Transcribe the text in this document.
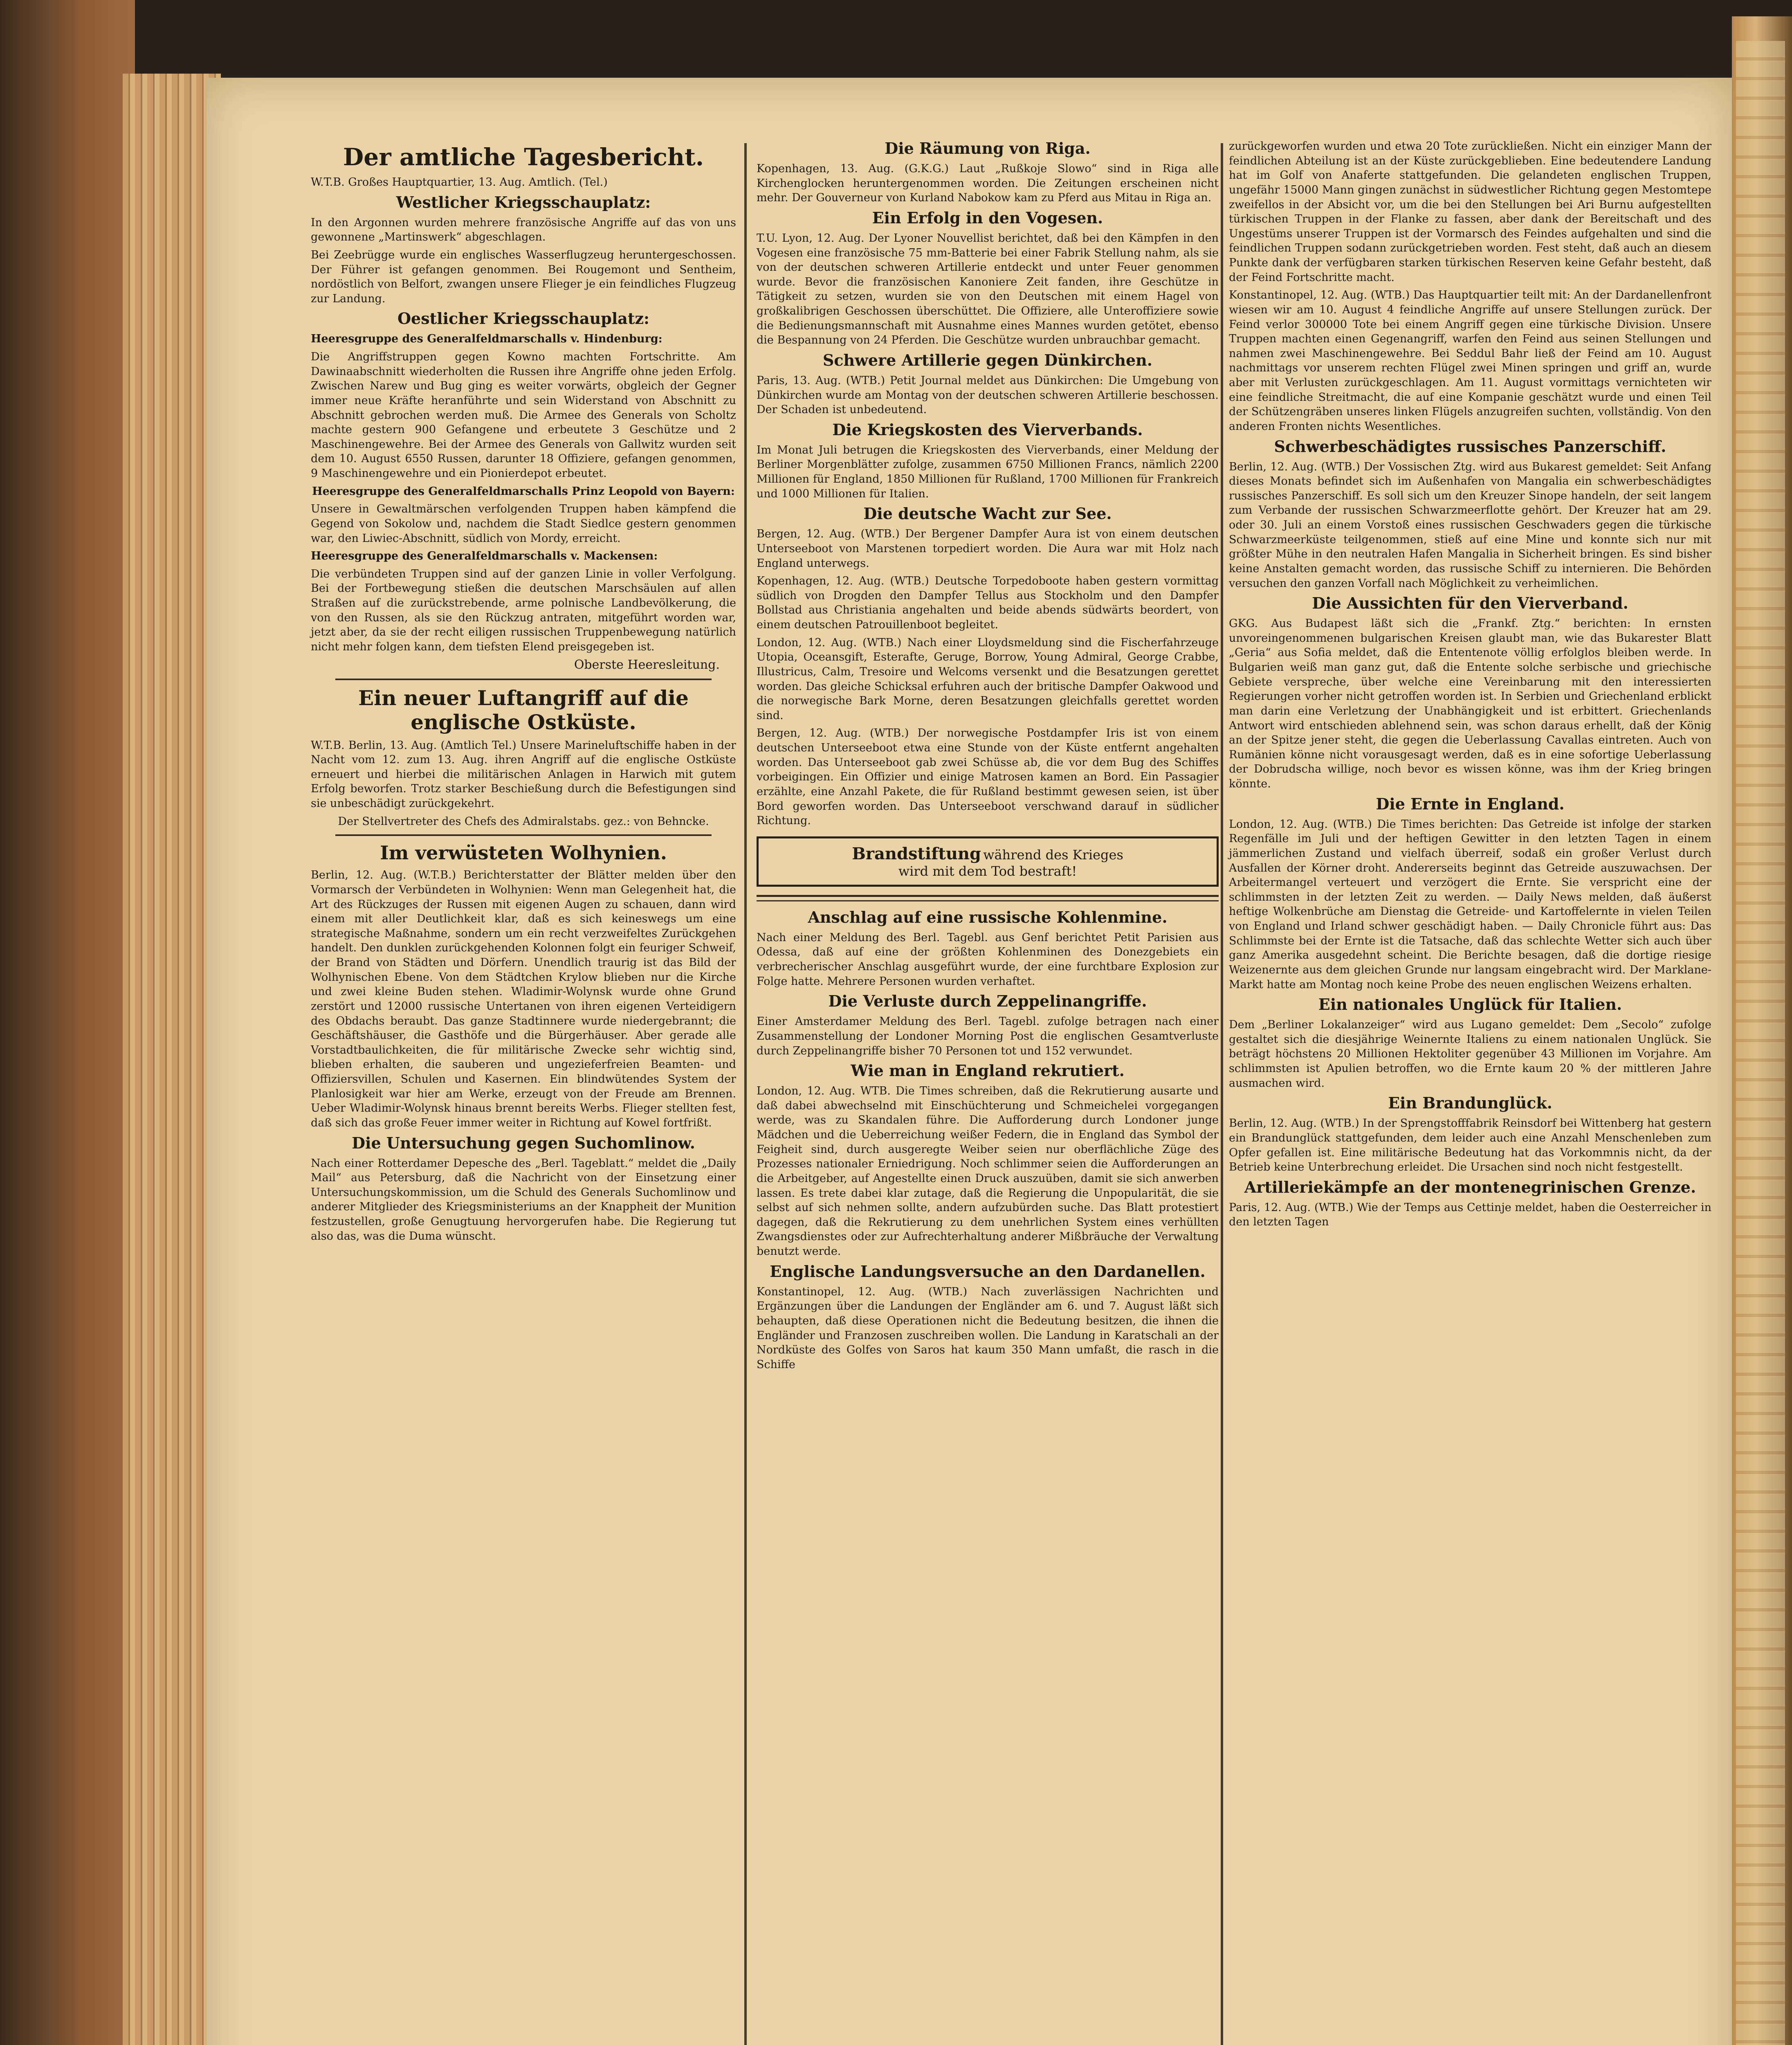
Der amtliche Tagesbericht.

W.T.B. Großes Hauptquartier, 13. Aug. Amtlich. (Tel.)

Westlicher Kriegsschauplatz:

In den Argonnen wurden mehrere französische Angriffe auf das von uns gewonnene „Martinswerk“ abgeschlagen.

Bei Zeebrügge wurde ein englisches Wasserflugzeug heruntergeschossen. Der Führer ist gefangen genommen. Bei Rougemont und Sentheim, nordöstlich von Belfort, zwangen unsere Flieger je ein feindliches Flugzeug zur Landung.

Oestlicher Kriegsschauplatz:

Heeresgruppe des Generalfeldmarschalls v. Hindenburg:

Die Angriffstruppen gegen Kowno machten Fortschritte. Am Dawinaabschnitt wiederholten die Russen ihre Angriffe ohne jeden Erfolg. Zwischen Narew und Bug ging es weiter vorwärts, obgleich der Gegner immer neue Kräfte heranführte und sein Widerstand von Abschnitt zu Abschnitt gebrochen werden muß. Die Armee des Generals von Scholtz machte gestern 900 Gefangene und erbeutete 3 Geschütze und 2 Maschinengewehre. Bei der Armee des Generals von Gallwitz wurden seit dem 10. August 6550 Russen, darunter 18 Offiziere, gefangen genommen, 9 Maschinengewehre und ein Pionierdepot erbeutet.

Heeresgruppe des Generalfeldmarschalls Prinz Leopold von Bayern:

Unsere in Gewaltmärschen verfolgenden Truppen haben kämpfend die Gegend von Sokolow und, nachdem die Stadt Siedlce gestern genommen war, den Liwiec-Abschnitt, südlich von Mordy, erreicht.

Heeresgruppe des Generalfeldmarschalls v. Mackensen:

Die verbündeten Truppen sind auf der ganzen Linie in voller Verfolgung. Bei der Fortbewegung stießen die deutschen Marschsäulen auf allen Straßen auf die zurückstrebende, arme polnische Landbevölkerung, die von den Russen, als sie den Rückzug antraten, mitgeführt worden war, jetzt aber, da sie der recht eiligen russischen Truppenbewegung natürlich nicht mehr folgen kann, dem tiefsten Elend preisgegeben ist.

Oberste Heeresleitung.

Ein neuer Luftangriff auf die englische Ostküste.

W.T.B. Berlin, 13. Aug. (Amtlich Tel.) Unsere Marineluftschiffe haben in der Nacht vom 12. zum 13. Aug. ihren Angriff auf die englische Ostküste erneuert und hierbei die militärischen Anlagen in Harwich mit gutem Erfolg beworfen. Trotz starker Beschießung durch die Befestigungen sind sie unbeschädigt zurückgekehrt.

Der Stellvertreter des Chefs des Admiralstabs. gez.: von Behncke.

Im verwüsteten Wolhynien.

Berlin, 12. Aug. (W.T.B.) Berichterstatter der Blätter melden über den Vormarsch der Verbündeten in Wolhynien: Wenn man Gelegenheit hat, die Art des Rückzuges der Russen mit eigenen Augen zu schauen, dann wird einem mit aller Deutlichkeit klar, daß es sich keineswegs um eine strategische Maßnahme, sondern um ein recht verzweifeltes Zurückgehen handelt. Den dunklen zurückgehenden Kolonnen folgt ein feuriger Schweif, der Brand von Städten und Dörfern. Unendlich traurig ist das Bild der Wolhynischen Ebene. Von dem Städtchen Krylow blieben nur die Kirche und zwei kleine Buden stehen. Wladimir-Wolynsk wurde ohne Grund zerstört und 12000 russische Untertanen von ihren eigenen Verteidigern des Obdachs beraubt. Das ganze Stadtinnere wurde niedergebrannt; die Geschäftshäuser, die Gasthöfe und die Bürgerhäuser. Aber gerade alle Vorstadtbaulichkeiten, die für militärische Zwecke sehr wichtig sind, blieben erhalten, die sauberen und ungezieferfreien Beamten- und Offiziersvillen, Schulen und Kasernen. Ein blindwütendes System der Planlosigkeit war hier am Werke, erzeugt von der Freude am Brennen. Ueber Wladimir-Wolynsk hinaus brennt bereits Werbs. Flieger stellten fest, daß sich das große Feuer immer weiter in Richtung auf Kowel fortfrißt.

Die Untersuchung gegen Suchomlinow.

Nach einer Rotterdamer Depesche des „Berl. Tageblatt.“ meldet die „Daily Mail“ aus Petersburg, daß die Nachricht von der Einsetzung einer Untersuchungskommission, um die Schuld des Generals Suchomlinow und anderer Mitglieder des Kriegsministeriums an der Knappheit der Munition festzustellen, große Genugtuung hervorgerufen habe. Die Regierung tut also das, was die Duma wünscht.

Die Räumung von Riga.

Kopenhagen, 13. Aug. (G.K.G.) Laut „Rußkoje Slowo“ sind in Riga alle Kirchenglocken heruntergenommen worden. Die Zeitungen erscheinen nicht mehr. Der Gouverneur von Kurland Nabokow kam zu Pferd aus Mitau in Riga an.

Ein Erfolg in den Vogesen.

T.U. Lyon, 12. Aug. Der Lyoner Nouvellist berichtet, daß bei den Kämpfen in den Vogesen eine französische 75 mm-Batterie bei einer Fabrik Stellung nahm, als sie von der deutschen schweren Artillerie entdeckt und unter Feuer genommen wurde. Bevor die französischen Kanoniere Zeit fanden, ihre Geschütze in Tätigkeit zu setzen, wurden sie von den Deutschen mit einem Hagel von großkalibrigen Geschossen überschüttet. Die Offiziere, alle Unteroffiziere sowie die Bedienungsmannschaft mit Ausnahme eines Mannes wurden getötet, ebenso die Bespannung von 24 Pferden. Die Geschütze wurden unbrauchbar gemacht.

Schwere Artillerie gegen Dünkirchen.

Paris, 13. Aug. (WTB.) Petit Journal meldet aus Dünkirchen: Die Umgebung von Dünkirchen wurde am Montag von der deutschen schweren Artillerie beschossen. Der Schaden ist unbedeutend.

Die Kriegskosten des Vierverbands.

Im Monat Juli betrugen die Kriegskosten des Vierverbands, einer Meldung der Berliner Morgenblätter zufolge, zusammen 6750 Millionen Francs, nämlich 2200 Millionen für England, 1850 Millionen für Rußland, 1700 Millionen für Frankreich und 1000 Millionen für Italien.

Die deutsche Wacht zur See.

Bergen, 12. Aug. (WTB.) Der Bergener Dampfer Aura ist von einem deutschen Unterseeboot von Marstenen torpediert worden. Die Aura war mit Holz nach England unterwegs.

Kopenhagen, 12. Aug. (WTB.) Deutsche Torpedoboote haben gestern vormittag südlich von Drogden den Dampfer Tellus aus Stockholm und den Dampfer Bollstad aus Christiania angehalten und beide abends südwärts beordert, von einem deutschen Patrouillenboot begleitet.

London, 12. Aug. (WTB.) Nach einer Lloydsmeldung sind die Fischerfahrzeuge Utopia, Oceansgift, Esterafte, Geruge, Borrow, Young Admiral, George Crabbe, Illustricus, Calm, Tresoire und Welcoms versenkt und die Besatzungen gerettet worden. Das gleiche Schicksal erfuhren auch der britische Dampfer Oakwood und die norwegische Bark Morne, deren Besatzungen gleichfalls gerettet worden sind.

Bergen, 12. Aug. (WTB.) Der norwegische Postdampfer Iris ist von einem deutschen Unterseeboot etwa eine Stunde von der Küste entfernt angehalten worden. Das Unterseeboot gab zwei Schüsse ab, die vor dem Bug des Schiffes vorbeigingen. Ein Offizier und einige Matrosen kamen an Bord. Ein Passagier erzählte, eine Anzahl Pakete, die für Rußland bestimmt gewesen seien, ist über Bord geworfen worden. Das Unterseeboot verschwand darauf in südlicher Richtung.

Brandstiftung während des Krieges
wird mit dem Tod bestraft!
Anschlag auf eine russische Kohlenmine.

Nach einer Meldung des Berl. Tagebl. aus Genf berichtet Petit Parisien aus Odessa, daß auf eine der größten Kohlenminen des Donezgebiets ein verbrecherischer Anschlag ausgeführt wurde, der eine furchtbare Explosion zur Folge hatte. Mehrere Personen wurden verhaftet.

Die Verluste durch Zeppelinangriffe.

Einer Amsterdamer Meldung des Berl. Tagebl. zufolge betragen nach einer Zusammenstellung der Londoner Morning Post die englischen Gesamtverluste durch Zeppelinangriffe bisher 70 Personen tot und 152 verwundet.

Wie man in England rekrutiert.

London, 12. Aug. WTB. Die Times schreiben, daß die Rekrutierung ausarte und daß dabei abwechselnd mit Einschüchterung und Schmeichelei vorgegangen werde, was zu Skandalen führe. Die Aufforderung durch Londoner junge Mädchen und die Ueberreichung weißer Federn, die in England das Symbol der Feigheit sind, durch ausgeregte Weiber seien nur oberflächliche Züge des Prozesses nationaler Erniedrigung. Noch schlimmer seien die Aufforderungen an die Arbeitgeber, auf Angestellte einen Druck auszuüben, damit sie sich anwerben lassen. Es trete dabei klar zutage, daß die Regierung die Unpopularität, die sie selbst auf sich nehmen sollte, andern aufzubürden suche. Das Blatt protestiert dagegen, daß die Rekrutierung zu dem unehrlichen System eines verhüllten Zwangsdienstes oder zur Aufrechterhaltung anderer Mißbräuche der Verwaltung benutzt werde.

Englische Landungsversuche an den Dardanellen.

Konstantinopel, 12. Aug. (WTB.) Nach zuverlässigen Nachrichten und Ergänzungen über die Landungen der Engländer am 6. und 7. August läßt sich behaupten, daß diese Operationen nicht die Bedeutung besitzen, die ihnen die Engländer und Franzosen zuschreiben wollen. Die Landung in Karatschali an der Nordküste des Golfes von Saros hat kaum 350 Mann umfaßt, die rasch in die Schiffe

zurückgeworfen wurden und etwa 20 Tote zurückließen. Nicht ein einziger Mann der feindlichen Abteilung ist an der Küste zurückgeblieben. Eine bedeutendere Landung hat im Golf von Anaferte stattgefunden. Die gelandeten englischen Truppen, ungefähr 15000 Mann gingen zunächst in südwestlicher Richtung gegen Mestomtepe zweifellos in der Absicht vor, um die bei den Stellungen bei Ari Burnu aufgestellten türkischen Truppen in der Flanke zu fassen, aber dank der Bereitschaft und des Ungestüms unserer Truppen ist der Vormarsch des Feindes aufgehalten und sind die feindlichen Truppen sodann zurückgetrieben worden. Fest steht, daß auch an diesem Punkte dank der verfügbaren starken türkischen Reserven keine Gefahr besteht, daß der Feind Fortschritte macht.

Konstantinopel, 12. Aug. (WTB.) Das Hauptquartier teilt mit: An der Dardanellenfront wiesen wir am 10. August 4 feindliche Angriffe auf unsere Stellungen zurück. Der Feind verlor 300000 Tote bei einem Angriff gegen eine türkische Division. Unsere Truppen machten einen Gegenangriff, warfen den Feind aus seinen Stellungen und nahmen zwei Maschinengewehre. Bei Seddul Bahr ließ der Feind am 10. August nachmittags vor unserem rechten Flügel zwei Minen springen und griff an, wurde aber mit Verlusten zurückgeschlagen. Am 11. August vormittags vernichteten wir eine feindliche Streitmacht, die auf eine Kompanie geschätzt wurde und einen Teil der Schützengräben unseres linken Flügels anzugreifen suchten, vollständig. Von den anderen Fronten nichts Wesentliches.

Schwerbeschädigtes russisches Panzerschiff.

Berlin, 12. Aug. (WTB.) Der Vossischen Ztg. wird aus Bukarest gemeldet: Seit Anfang dieses Monats befindet sich im Außenhafen von Mangalia ein schwerbeschädigtes russisches Panzerschiff. Es soll sich um den Kreuzer Sinope handeln, der seit langem zum Verbande der russischen Schwarzmeerflotte gehört. Der Kreuzer hat am 29. oder 30. Juli an einem Vorstoß eines russischen Geschwaders gegen die türkische Schwarzmeerküste teilgenommen, stieß auf eine Mine und konnte sich nur mit größter Mühe in den neutralen Hafen Mangalia in Sicherheit bringen. Es sind bisher keine Anstalten gemacht worden, das russische Schiff zu internieren. Die Behörden versuchen den ganzen Vorfall nach Möglichkeit zu verheimlichen.

Die Aussichten für den Vierverband.

GKG. Aus Budapest läßt sich die „Frankf. Ztg.“ berichten: In ernsten unvoreingenommenen bulgarischen Kreisen glaubt man, wie das Bukarester Blatt „Geria“ aus Sofia meldet, daß die Ententenote völlig erfolglos bleiben werde. In Bulgarien weiß man ganz gut, daß die Entente solche serbische und griechische Gebiete verspreche, über welche eine Vereinbarung mit den interessierten Regierungen vorher nicht getroffen worden ist. In Serbien und Griechenland erblickt man darin eine Verletzung der Unabhängigkeit und ist erbittert. Griechenlands Antwort wird entschieden ablehnend sein, was schon daraus erhellt, daß der König an der Spitze jener steht, die gegen die Ueberlassung Cavallas eintreten. Auch von Rumänien könne nicht vorausgesagt werden, daß es in eine sofortige Ueberlassung der Dobrudscha willige, noch bevor es wissen könne, was ihm der Krieg bringen könnte.

Die Ernte in England.

London, 12. Aug. (WTB.) Die Times berichten: Das Getreide ist infolge der starken Regenfälle im Juli und der heftigen Gewitter in den letzten Tagen in einem jämmerlichen Zustand und vielfach überreif, sodaß ein großer Verlust durch Ausfallen der Körner droht. Andererseits beginnt das Getreide auszuwachsen. Der Arbeitermangel verteuert und verzögert die Ernte. Sie verspricht eine der schlimmsten in der letzten Zeit zu werden. — Daily News melden, daß äußerst heftige Wolkenbrüche am Dienstag die Getreide- und Kartoffelernte in vielen Teilen von England und Irland schwer geschädigt haben. — Daily Chronicle führt aus: Das Schlimmste bei der Ernte ist die Tatsache, daß das schlechte Wetter sich auch über ganz Amerika ausgedehnt scheint. Die Berichte besagen, daß die dortige riesige Weizenernte aus dem gleichen Grunde nur langsam eingebracht wird. Der Marklane-Markt hatte am Montag noch keine Probe des neuen englischen Weizens erhalten.

Ein nationales Unglück für Italien.

Dem „Berliner Lokalanzeiger“ wird aus Lugano gemeldet: Dem „Secolo“ zufolge gestaltet sich die diesjährige Weinernte Italiens zu einem nationalen Unglück. Sie beträgt höchstens 20 Millionen Hektoliter gegenüber 43 Millionen im Vorjahre. Am schlimmsten ist Apulien betroffen, wo die Ernte kaum 20 % der mittleren Jahre ausmachen wird.

Ein Brandunglück.

Berlin, 12. Aug. (WTB.) In der Sprengstofffabrik Reinsdorf bei Wittenberg hat gestern ein Brandunglück stattgefunden, dem leider auch eine Anzahl Menschenleben zum Opfer gefallen ist. Eine militärische Bedeutung hat das Vorkommnis nicht, da der Betrieb keine Unterbrechung erleidet. Die Ursachen sind noch nicht festgestellt.

Artilleriekämpfe an der montenegrinischen Grenze.

Paris, 12. Aug. (WTB.) Wie der Temps aus Cettinje meldet, haben die Oesterreicher in den letzten Tagen
